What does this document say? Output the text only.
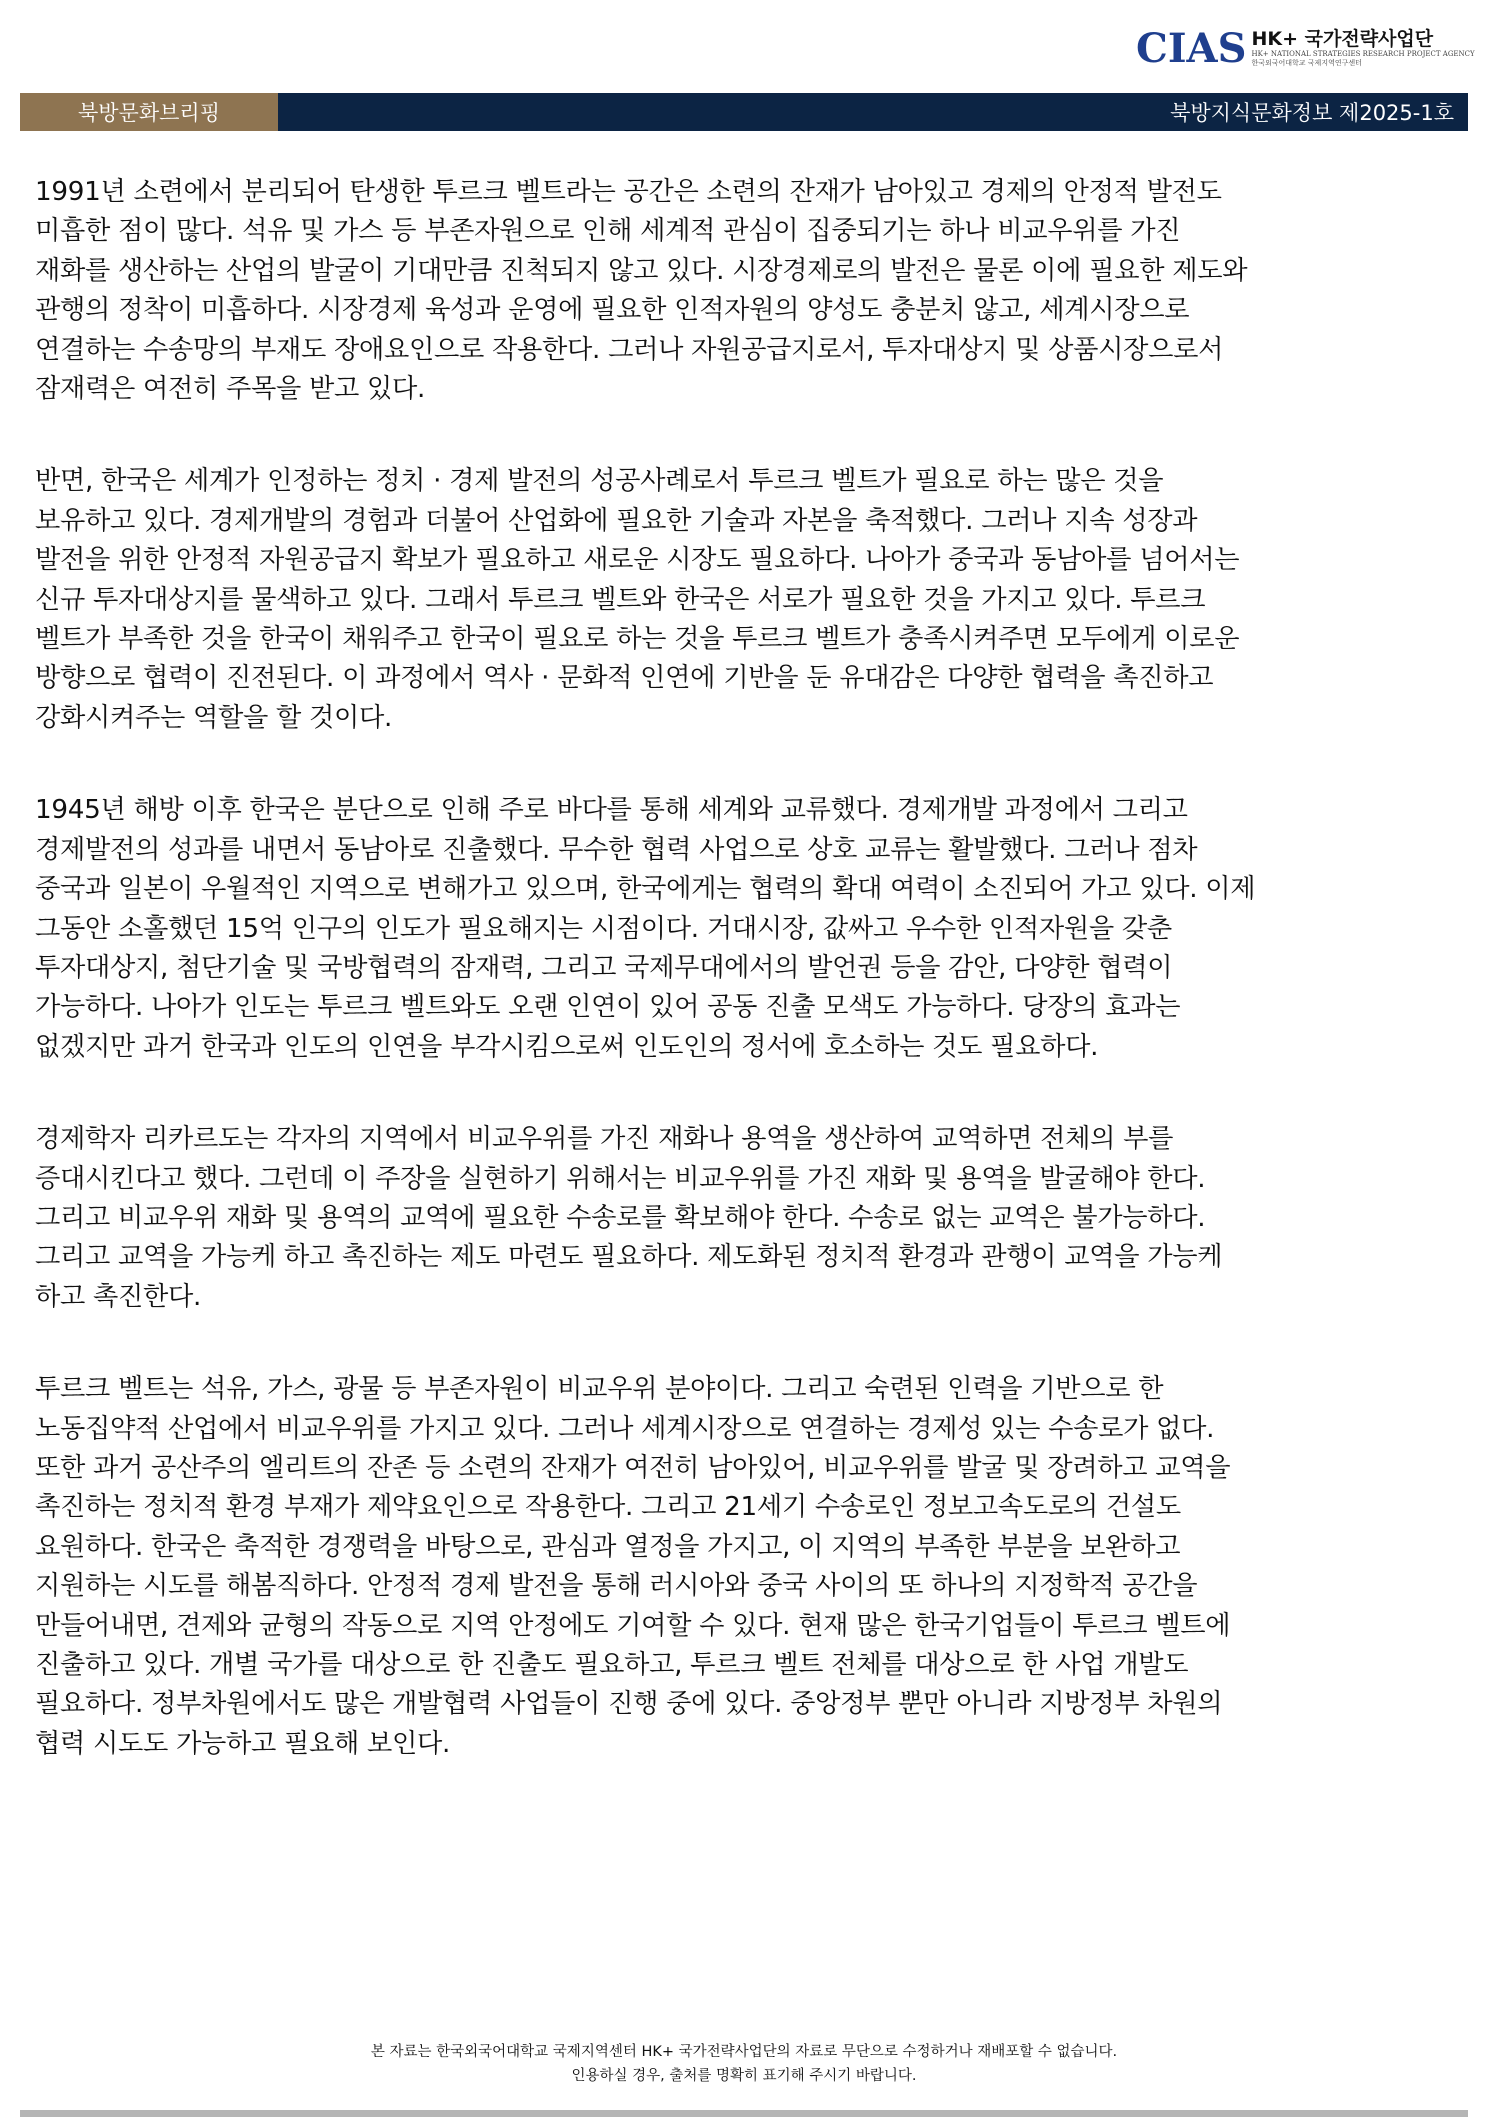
CIAS HK+ 국가전략사업단
HK+ NATIONAL STRATEGIES RESEARCH PROJECT AGENCY
한국외국어대학교 국제지역연구센터
북방문화브리핑	북방지식문화정보 제2025-1호

1991년 소련에서 분리되어 탄생한 투르크 벨트라는 공간은 소련의 잔재가 남아있고 경제의 안정적 발전도
미흡한 점이 많다. 석유 및 가스 등 부존자원으로 인해 세계적 관심이 집중되기는 하나 비교우위를 가진
재화를 생산하는 산업의 발굴이 기대만큼 진척되지 않고 있다. 시장경제로의 발전은 물론 이에 필요한 제도와
관행의 정착이 미흡하다. 시장경제 육성과 운영에 필요한 인적자원의 양성도 충분치 않고, 세계시장으로
연결하는 수송망의 부재도 장애요인으로 작용한다. 그러나 자원공급지로서, 투자대상지 및 상품시장으로서
잠재력은 여전히 주목을 받고 있다.

반면, 한국은 세계가 인정하는 정치 · 경제 발전의 성공사례로서 투르크 벨트가 필요로 하는 많은 것을
보유하고 있다. 경제개발의 경험과 더불어 산업화에 필요한 기술과 자본을 축적했다. 그러나 지속 성장과
발전을 위한 안정적 자원공급지 확보가 필요하고 새로운 시장도 필요하다. 나아가 중국과 동남아를 넘어서는
신규 투자대상지를 물색하고 있다. 그래서 투르크 벨트와 한국은 서로가 필요한 것을 가지고 있다. 투르크
벨트가 부족한 것을 한국이 채워주고 한국이 필요로 하는 것을 투르크 벨트가 충족시켜주면 모두에게 이로운
방향으로 협력이 진전된다. 이 과정에서 역사 · 문화적 인연에 기반을 둔 유대감은 다양한 협력을 촉진하고
강화시켜주는 역할을 할 것이다.

1945년 해방 이후 한국은 분단으로 인해 주로 바다를 통해 세계와 교류했다. 경제개발 과정에서 그리고
경제발전의 성과를 내면서 동남아로 진출했다. 무수한 협력 사업으로 상호 교류는 활발했다. 그러나 점차
중국과 일본이 우월적인 지역으로 변해가고 있으며, 한국에게는 협력의 확대 여력이 소진되어 가고 있다. 이제
그동안 소홀했던 15억 인구의 인도가 필요해지는 시점이다. 거대시장, 값싸고 우수한 인적자원을 갖춘
투자대상지, 첨단기술 및 국방협력의 잠재력, 그리고 국제무대에서의 발언권 등을 감안, 다양한 협력이
가능하다. 나아가 인도는 투르크 벨트와도 오랜 인연이 있어 공동 진출 모색도 가능하다. 당장의 효과는
없겠지만 과거 한국과 인도의 인연을 부각시킴으로써 인도인의 정서에 호소하는 것도 필요하다.

경제학자 리카르도는 각자의 지역에서 비교우위를 가진 재화나 용역을 생산하여 교역하면 전체의 부를
증대시킨다고 했다. 그런데 이 주장을 실현하기 위해서는 비교우위를 가진 재화 및 용역을 발굴해야 한다.
그리고 비교우위 재화 및 용역의 교역에 필요한 수송로를 확보해야 한다. 수송로 없는 교역은 불가능하다.
그리고 교역을 가능케 하고 촉진하는 제도 마련도 필요하다. 제도화된 정치적 환경과 관행이 교역을 가능케
하고 촉진한다.

투르크 벨트는 석유, 가스, 광물 등 부존자원이 비교우위 분야이다. 그리고 숙련된 인력을 기반으로 한
노동집약적 산업에서 비교우위를 가지고 있다. 그러나 세계시장으로 연결하는 경제성 있는 수송로가 없다.
또한 과거 공산주의 엘리트의 잔존 등 소련의 잔재가 여전히 남아있어, 비교우위를 발굴 및 장려하고 교역을
촉진하는 정치적 환경 부재가 제약요인으로 작용한다. 그리고 21세기 수송로인 정보고속도로의 건설도
요원하다. 한국은 축적한 경쟁력을 바탕으로, 관심과 열정을 가지고, 이 지역의 부족한 부분을 보완하고
지원하는 시도를 해봄직하다. 안정적 경제 발전을 통해 러시아와 중국 사이의 또 하나의 지정학적 공간을
만들어내면, 견제와 균형의 작동으로 지역 안정에도 기여할 수 있다. 현재 많은 한국기업들이 투르크 벨트에
진출하고 있다. 개별 국가를 대상으로 한 진출도 필요하고, 투르크 벨트 전체를 대상으로 한 사업 개발도
필요하다. 정부차원에서도 많은 개발협력 사업들이 진행 중에 있다. 중앙정부 뿐만 아니라 지방정부 차원의
협력 시도도 가능하고 필요해 보인다.

본 자료는 한국외국어대학교 국제지역센터 HK+ 국가전략사업단의 자료로 무단으로 수정하거나 재배포할 수 없습니다.
인용하실 경우, 출처를 명확히 표기해 주시기 바랍니다.
